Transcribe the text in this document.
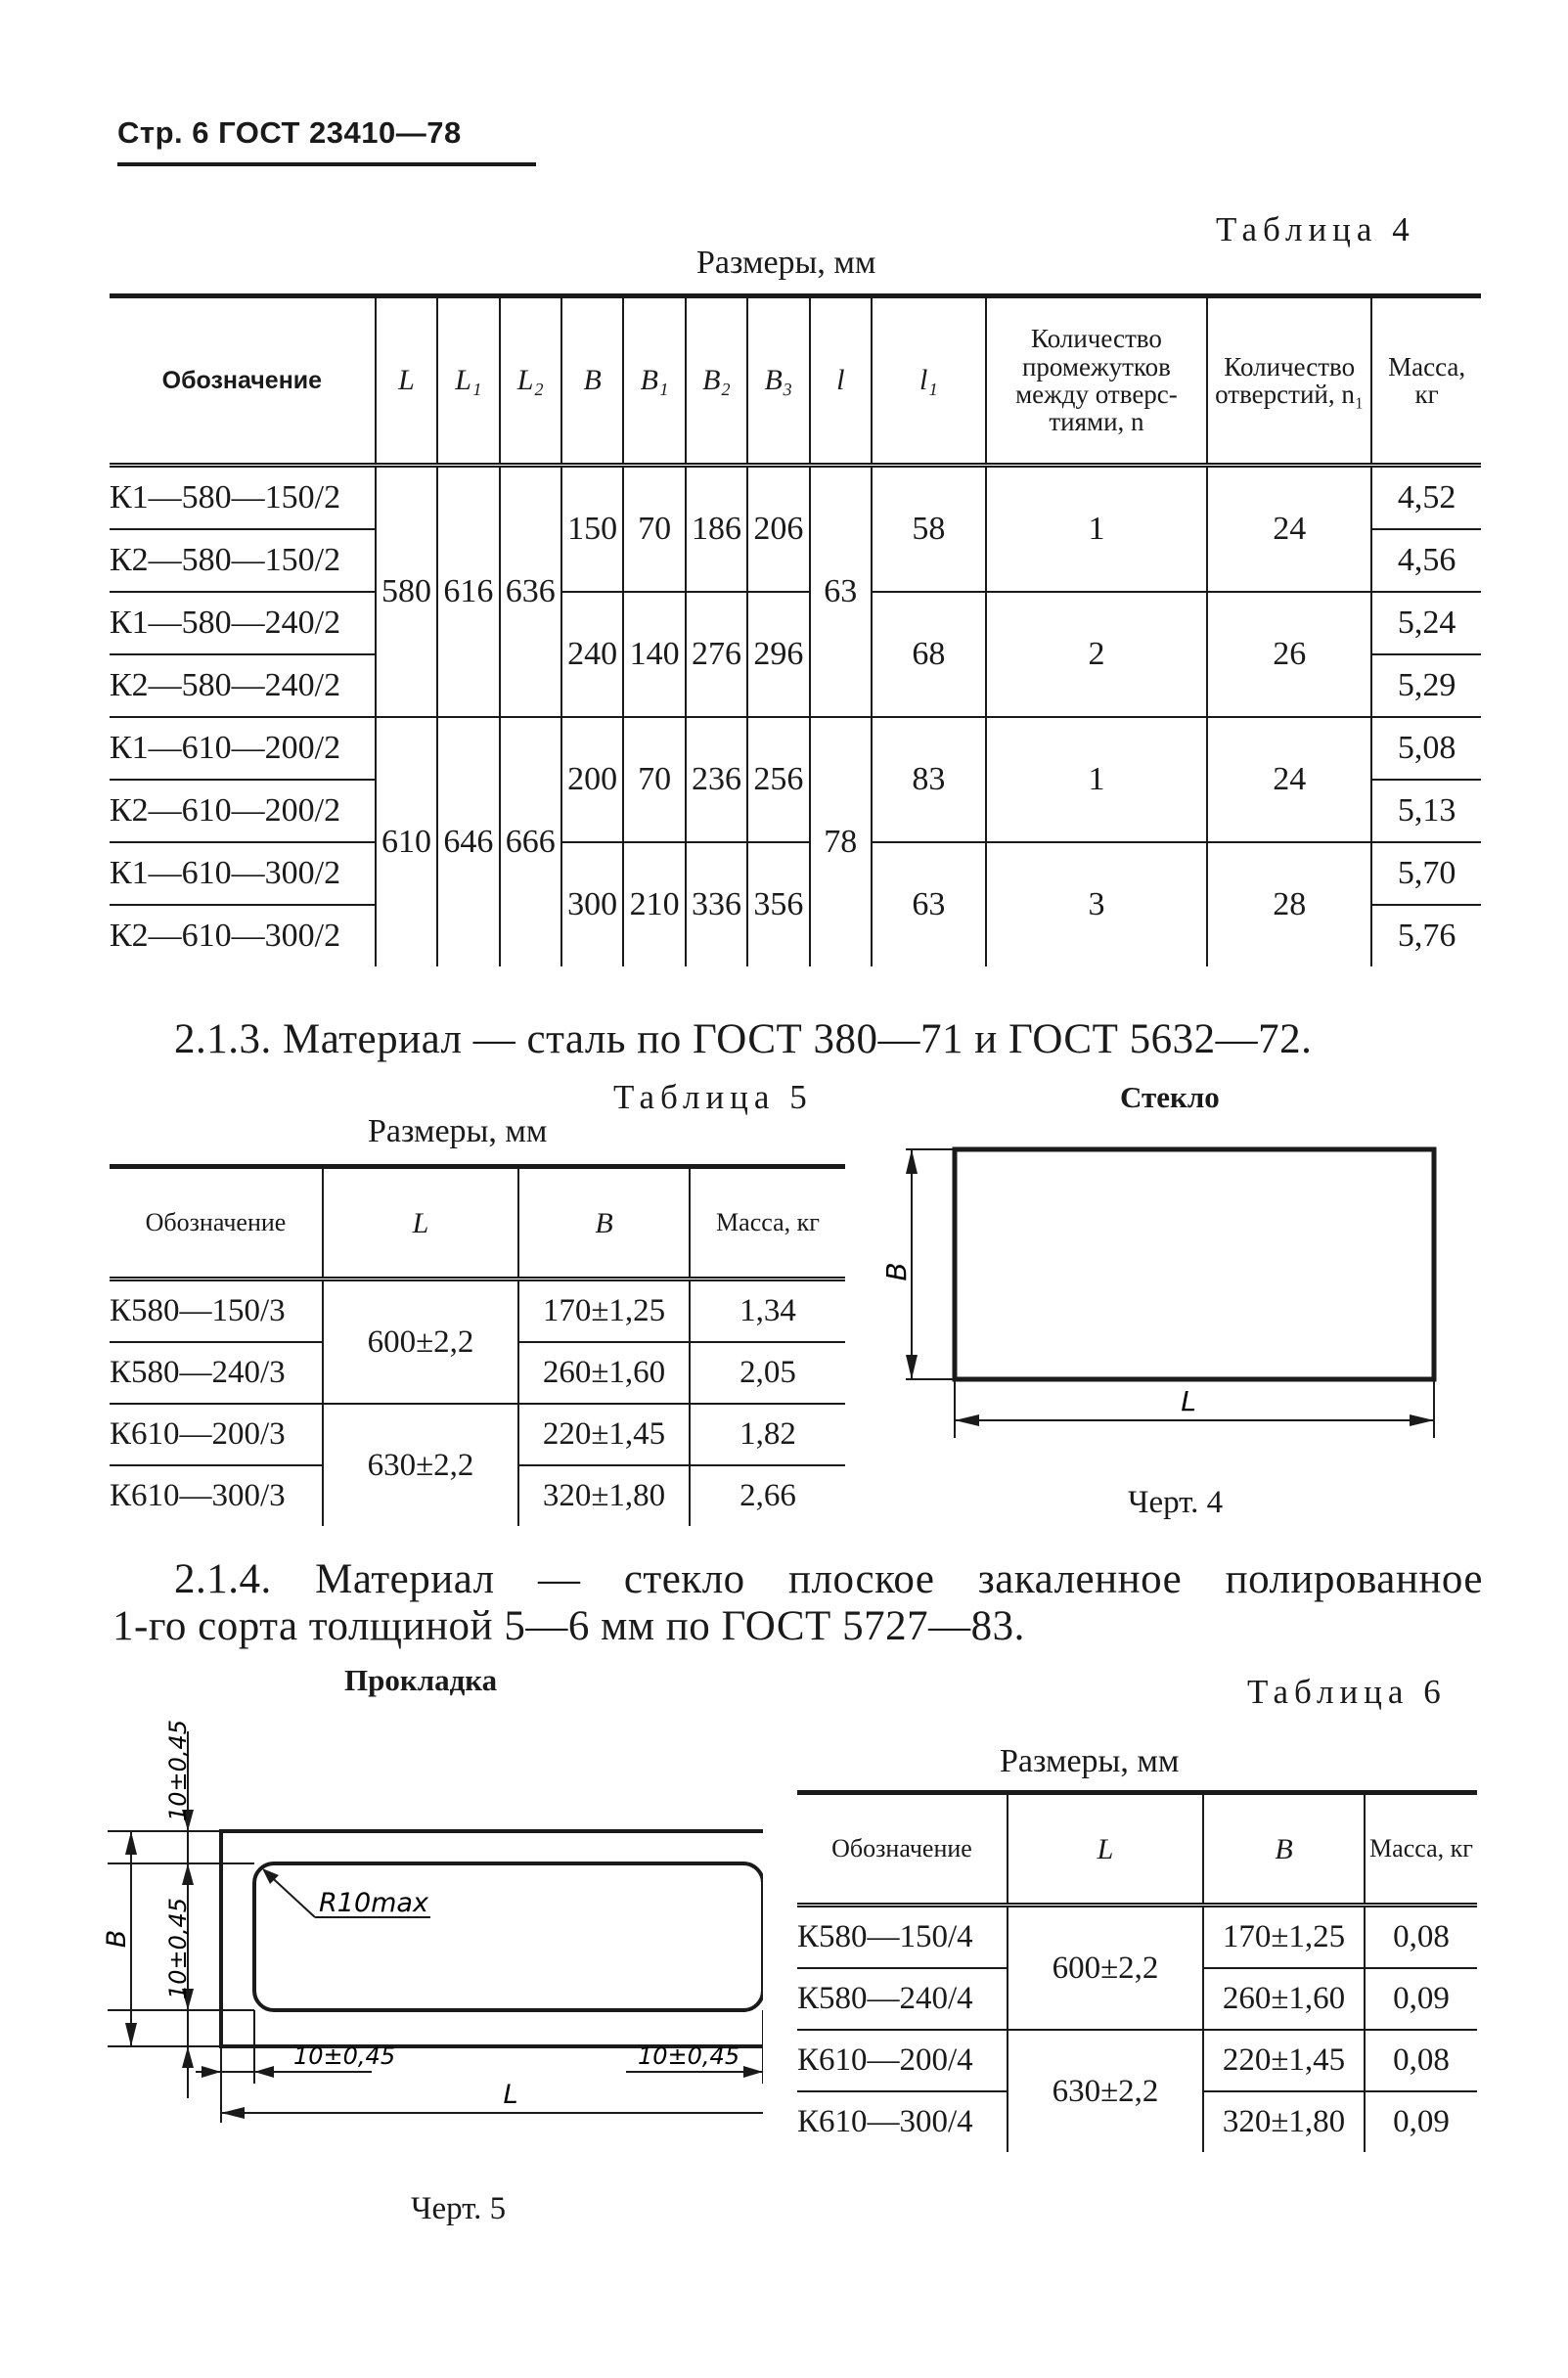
Стр. 6 ГОСТ 23410—78
Таблица 4
Размеры, мм
Обозначение	L	L₁	L₂	B	B₁	B₂	B₃	l	l₁	Количество промежутков между отверстиями, n	Количество отверстий, n₁	Масса, кг
К1—580—150/2	580	616	636	150	70	186	206	63	58	1	24	4,52
К2—580—150/2												4,56
К1—580—240/2				240	140	276	296		68	2	26	5,24
К2—580—240/2												5,29
К1—610—200/2	610	646	666	200	70	236	256	78	83	1	24	5,08
К2—610—200/2												5,13
К1—610—300/2				300	210	336	356		63	3	28	5,70
К2—610—300/2												5,76
2.1.3. Материал — сталь по ГОСТ 380—71 и ГОСТ 5632—72.
Таблица 5
Размеры, мм
Обозначение	L	B	Масса, кг
К580—150/3	600±2,2	170±1,25	1,34
К580—240/3		260±1,60	2,05
К610—200/3	630±2,2	220±1,45	1,82
К610—300/3		320±1,80	2,66
Стекло
B
L
Черт. 4
2.1.4. Материал — стекло плоское закаленное полированное
1-го сорта толщиной 5—6 мм по ГОСТ 5727—83.
Прокладка
R10max
B
10±0,45
10±0,45
10±0,45	10±0,45
L
Черт. 5
Таблица 6
Размеры, мм
Обозначение	L	B	Масса, кг
К580—150/4	600±2,2	170±1,25	0,08
К580—240/4		260±1,60	0,09
К610—200/4	630±2,2	220±1,45	0,08
К610—300/4		320±1,80	0,09
